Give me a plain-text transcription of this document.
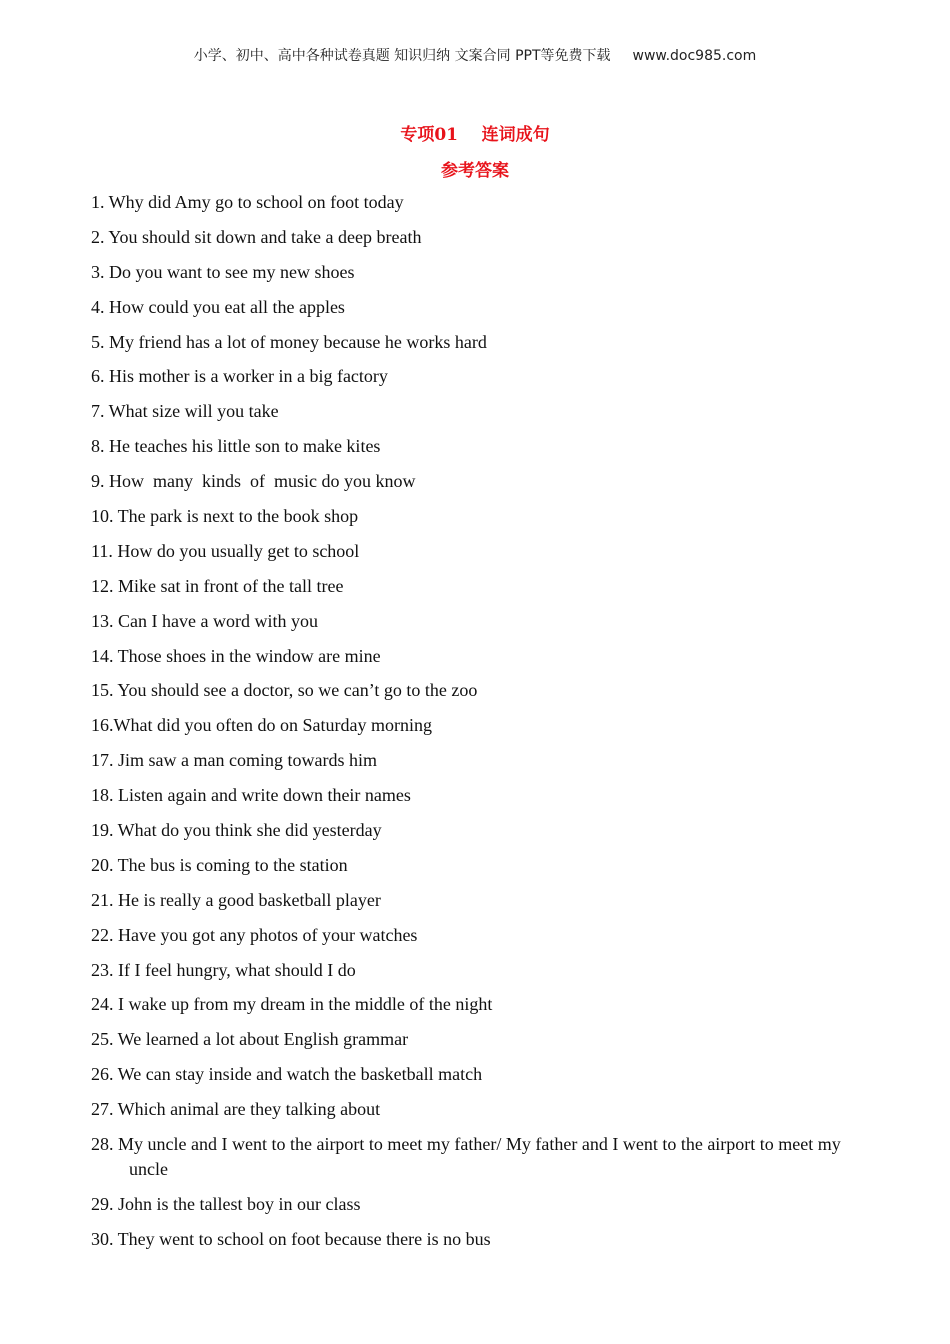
小学、初中、高中各种试卷真题 知识归纳 文案合同 PPT等免费下载 www.doc985.com
专项01    连词成句
参考答案
1. Why did Amy go to school on foot today
2. You should sit down and take a deep breath
3. Do you want to see my new shoes
4. How could you eat all the apples
5. My friend has a lot of money because he works hard
6. His mother is a worker in a big factory
7. What size will you take
8. He teaches his little son to make kites
9. How  many  kinds  of  music do you know
10. The park is next to the book shop
11. How do you usually get to school
12. Mike sat in front of the tall tree
13. Can I have a word with you
14. Those shoes in the window are mine
15. You should see a doctor, so we can’t go to the zoo
16.What did you often do on Saturday morning
17. Jim saw a man coming towards him
18. Listen again and write down their names
19. What do you think she did yesterday
20. The bus is coming to the station
21. He is really a good basketball player
22. Have you got any photos of your watches
23. If I feel hungry, what should I do
24. I wake up from my dream in the middle of the night
25. We learned a lot about English grammar
26. We can stay inside and watch the basketball match
27. Which animal are they talking about
28. My uncle and I went to the airport to meet my father/ My father and I went to the airport to meet my uncle
29. John is the tallest boy in our class
30. They went to school on foot because there is no bus
